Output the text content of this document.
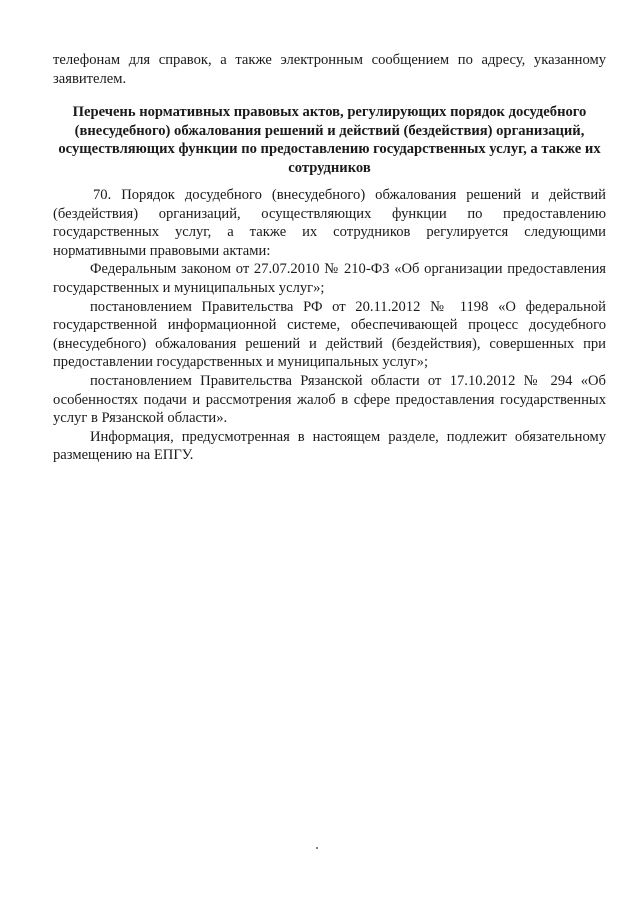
телефонам для справок, а также электронным сообщением по адресу, указанному заявителем.

Перечень нормативных правовых актов, регулирующих порядок досудебного (внесудебного) обжалования решений и действий (бездействия) организаций, осуществляющих функции по предоставлению государственных услуг, а также их сотрудников

70. Порядок досудебного (внесудебного) обжалования решений и действий (бездействия) организаций, осуществляющих функции по предоставлению государственных услуг, а также их сотрудников регулируется следующими нормативными правовыми актами:

Федеральным законом от 27.07.2010 № 210-ФЗ «Об организации предоставления государственных и муниципальных услуг»;

постановлением Правительства РФ от 20.11.2012 № 1198 «О федеральной государственной информационной системе, обеспечивающей процесс досудебного (внесудебного) обжалования решений и действий (бездействия), совершенных при предоставлении государственных и муниципальных услуг»;

постановлением Правительства Рязанской области от 17.10.2012 № 294 «Об особенностях подачи и рассмотрения жалоб в сфере предоставления государственных услуг в Рязанской области».

Информация, предусмотренная в настоящем разделе, подлежит обязательному размещению на ЕПГУ.
